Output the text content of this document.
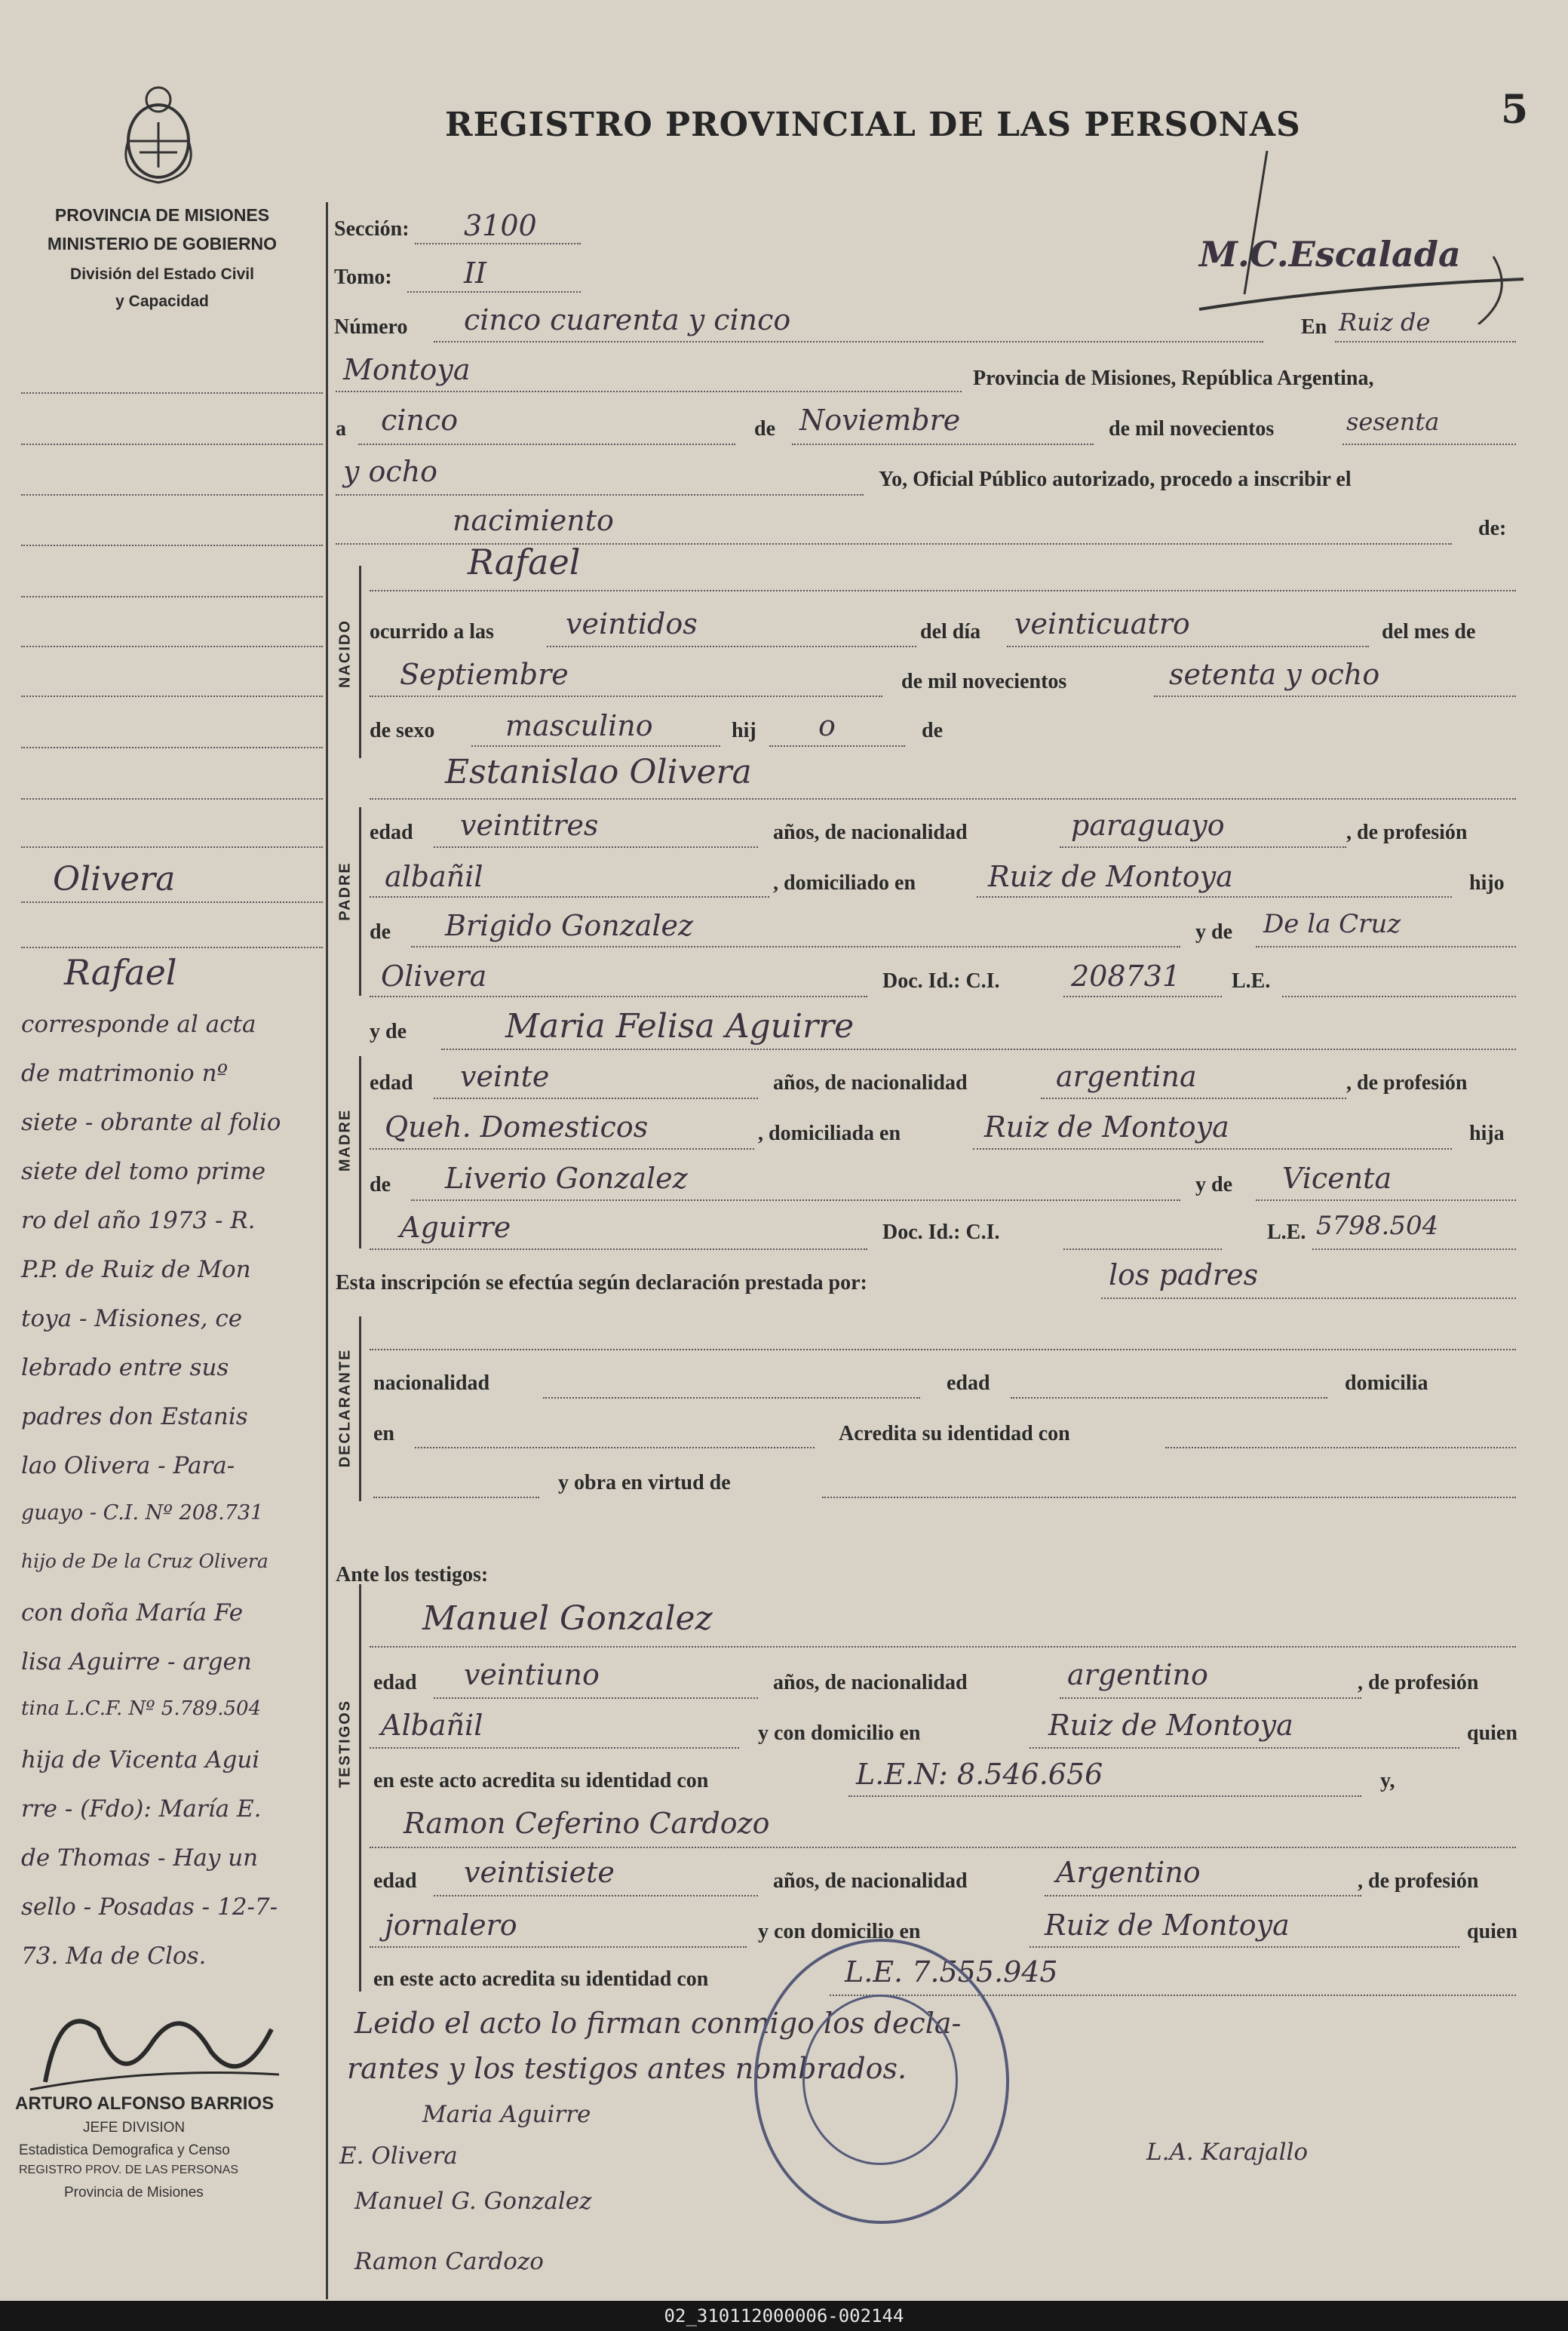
5
REGISTRO PROVINCIAL DE LAS PERSONAS
PROVINCIA DE MISIONES
MINISTERIO DE GOBIERNO
División del Estado Civil
y Capacidad
M.C.Escalada
Sección: 3100
Tomo:	II
Número cinco cuarenta y cinco	En Ruiz de
Montoya	Provincia de Misiones, República Argentina,
a cinco	de Noviembre	de mil novecientos	sesenta
y ocho	Yo, Oficial Público autorizado, procedo a inscribir el
nacimiento	de:
NACIDO
Rafael
ocurrido a las	veintidos	del día veinticuatro	del mes de
Septiembre	de mil novecientos	setenta y ocho
de sexo masculino	hij o	de
PADRE
Estanislao Olivera
edad veintitres	años, de nacionalidad	paraguayo	, de profesión
albañil	, domiciliado en	Ruiz de Montoya	hijo
de Brigido Gonzalez	y de De la Cruz
Olivera	Doc. Id.: C.I. 208731 L.E.
MADRE
y de	Maria Felisa Aguirre
edad veinte	años, de nacionalidad	argentina	, de profesión
Queh. Domesticos	, domiciliada en	Ruiz de Montoya	hija
de Liverio Gonzalez	y de Vicenta
Aguirre	Doc. Id.: C.I.	L.E. 5798.504
Esta inscripción se efectúa según declaración prestada por:	los padres
DECLARANTE nacionalidad	edad	domicilia
en	Acredita su identidad con
y obra en virtud de
Ante los testigos:
TESTIGOS
Manuel Gonzalez
edad veintiuno	años, de nacionalidad	argentino	, de profesión
Albañil	y con domicilio en	Ruiz de Montoya	quien
en este acto acredita su identidad con	L.E.N: 8.546.656	y,
Ramon Ceferino Cardozo
edad veintisiete	años, de nacionalidad	Argentino	, de profesión
jornalero	y con domicilio en	Ruiz de Montoya	quien
en este acto acredita su identidad con	L.E. 7.555.945
Leido el acto lo firman conmigo los decla-
rantes y los testigos antes nombrados.
Maria Aguirre
E. Olivera
Manuel G. Gonzalez
Ramon Cardozo
L.A. Karajallo
Olivera
Rafael
corresponde al acta
de matrimonio nº
siete - obrante al folio
siete del tomo prime
ro del año 1973 - R.
P.P. de Ruiz de Mon
toya - Misiones, ce
lebrado entre sus
padres don Estanis
lao Olivera - Para-
guayo - C.I. Nº 208.731
hijo de De la Cruz Olivera
con doña María Fe
lisa Aguirre - argen
tina L.C.F. Nº 5.789.504
hija de Vicenta Agui
rre - (Fdo): María E.
de Thomas - Hay un
sello - Posadas - 12-7-
73. Ma de Clos.
ARTURO ALFONSO BARRIOS
JEFE DIVISION
Estadistica Demografica y Censo
REGISTRO PROV. DE LAS PERSONAS
Provincia de Misiones
02_310112000006-002144
